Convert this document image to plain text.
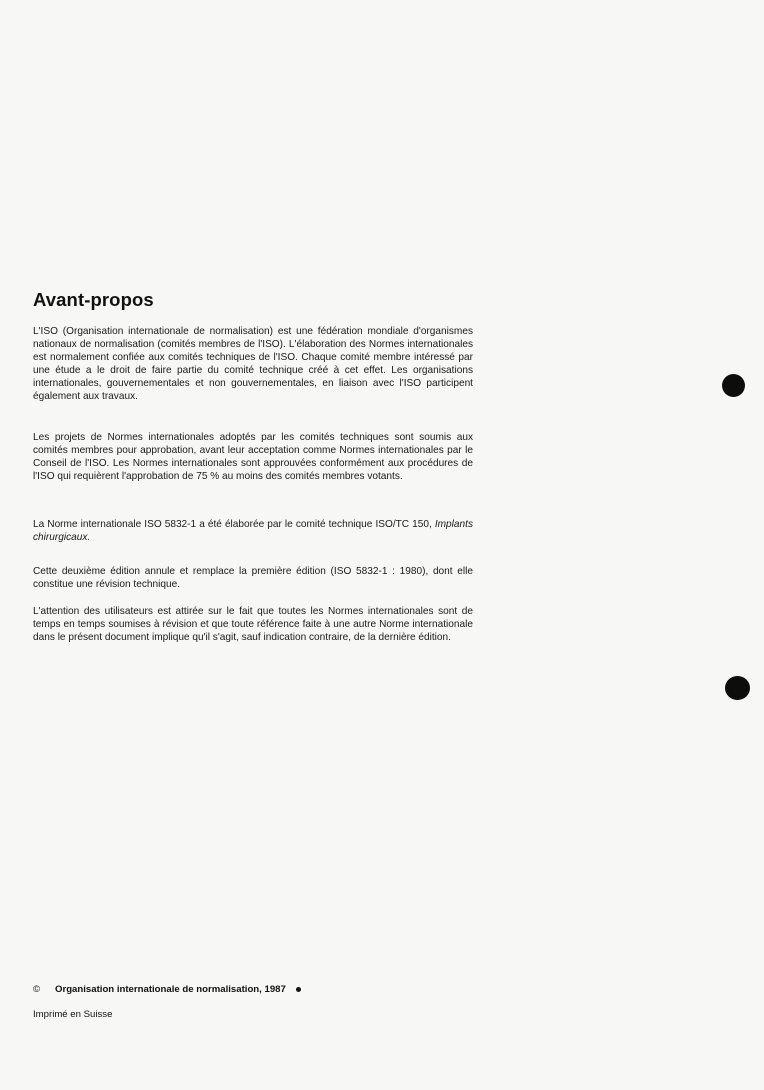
Avant-propos

L'ISO (Organisation internationale de normalisation) est une fédération mondiale d'organismes nationaux de normalisation (comités membres de l'ISO). L'élaboration des Normes internationales est normalement confiée aux comités techniques de l'ISO. Chaque comité membre intéressé par une étude a le droit de faire partie du comité technique créé à cet effet. Les organisations internationales, gouvernementales et non gouvernementales, en liaison avec l'ISO participent également aux travaux.

Les projets de Normes internationales adoptés par les comités techniques sont soumis aux comités membres pour approbation, avant leur acceptation comme Normes internationales par le Conseil de l'ISO. Les Normes internationales sont approuvées conformément aux procédures de l'ISO qui requièrent l'approbation de 75 % au moins des comités membres votants.

La Norme internationale ISO 5832-1 a été élaborée par le comité technique ISO/TC 150, Implants chirurgicaux.

Cette deuxième édition annule et remplace la première édition (ISO 5832-1 : 1980), dont elle constitue une révision technique.

L'attention des utilisateurs est attirée sur le fait que toutes les Normes internationales sont de temps en temps soumises à révision et que toute référence faite à une autre Norme internationale dans le présent document implique qu'il s'agit, sauf indication contraire, de la dernière édition.

© Organisation internationale de normalisation, 1987
Imprimé en Suisse
